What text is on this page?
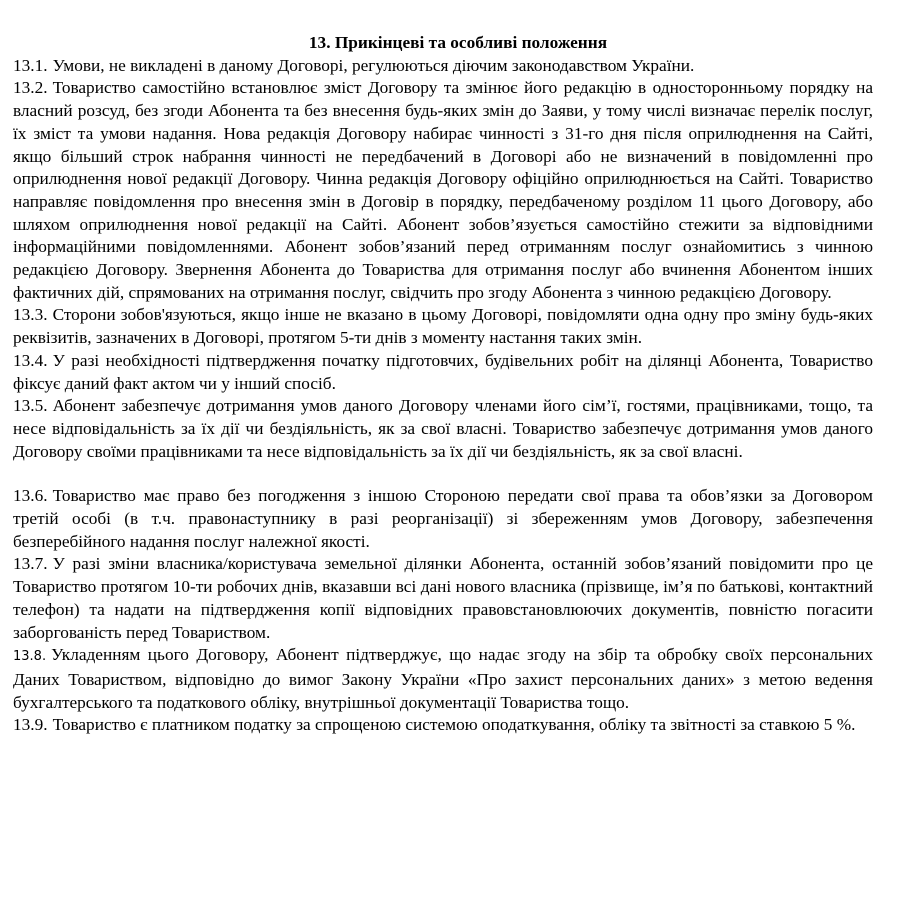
13. Прикінцеві та особливі положення

13.1. Умови, не викладені в даному Договорі, регулюються діючим законодавством України.

13.2. Товариство самостійно встановлює зміст Договору та змінює його редакцію в односторонньому порядку на власний розсуд, без згоди Абонента та без внесення будь-яких змін до Заяви, у тому числі визначає перелік послуг, їх зміст та умови надання. Нова редакція Договору набирає чинності з 31-го дня після оприлюднення на Сайті, якщо більший строк набрання чинності не передбачений в Договорі або не визначений в повідомленні про оприлюднення нової редакції Договору. Чинна редакція Договору офіційно оприлюднюється на Сайті. Товариство направляє повідомлення про внесення змін в Договір в порядку, передбаченому розділом 11 цього Договору, або шляхом оприлюднення нової редакції на Сайті. Абонент зобов’язується самостійно стежити за відповідними інформаційними повідомленнями. Абонент зобов’язаний перед отриманням послуг ознайомитись з чинною редакцією Договору. Звернення Абонента до Товариства для отримання послуг або вчинення Абонентом інших фактичних дій, спрямованих на отримання послуг, свідчить про згоду Абонента з чинною редакцією Договору.

13.3. Сторони зобов'язуються, якщо інше не вказано в цьому Договорі, повідомляти одна одну про зміну будь-яких реквізитів, зазначених в Договорі, протягом 5-ти днів з моменту настання таких змін.

13.4. У разі необхідності підтвердження початку підготовчих, будівельних робіт на ділянці Абонента, Товариство фіксує даний факт актом чи у інший спосіб.

13.5. Абонент забезпечує дотримання умов даного Договору членами його сім’ї, гостями, працівниками, тощо, та несе відповідальність за їх дії чи бездіяльність, як за свої власні. Товариство забезпечує дотримання умов даного Договору своїми працівниками та несе відповідальність за їх дії чи бездіяльність, як за свої власні.

13.6. Товариство має право без погодження з іншою Стороною передати свої права та обов’язки за Договором третій особі (в т.ч. правонаступнику в разі реорганізації) зі збереженням умов Договору, забезпечення безперебійного надання послуг належної якості.

13.7. У разі зміни власника/користувача земельної ділянки Абонента, останній зобов’язаний повідомити про це Товариство протягом 10-ти робочих днів, вказавши всі дані нового власника (прізвище, ім’я по батькові, контактний телефон) та надати на підтвердження копії відповідних правовстановлюючих документів, повністю погасити заборгованість перед Товариством.

13.8. Укладенням цього Договору, Абонент підтверджує, що надає згоду на збір та обробку своїх персональних Даних Товариством, відповідно до вимог Закону України «Про захист персональних даних» з метою ведення бухгалтерського та податкового обліку, внутрішньої документації Товариства тощо.

13.9. Товариство є платником податку за спрощеною системою оподаткування, обліку та звітності за ставкою 5 %.
